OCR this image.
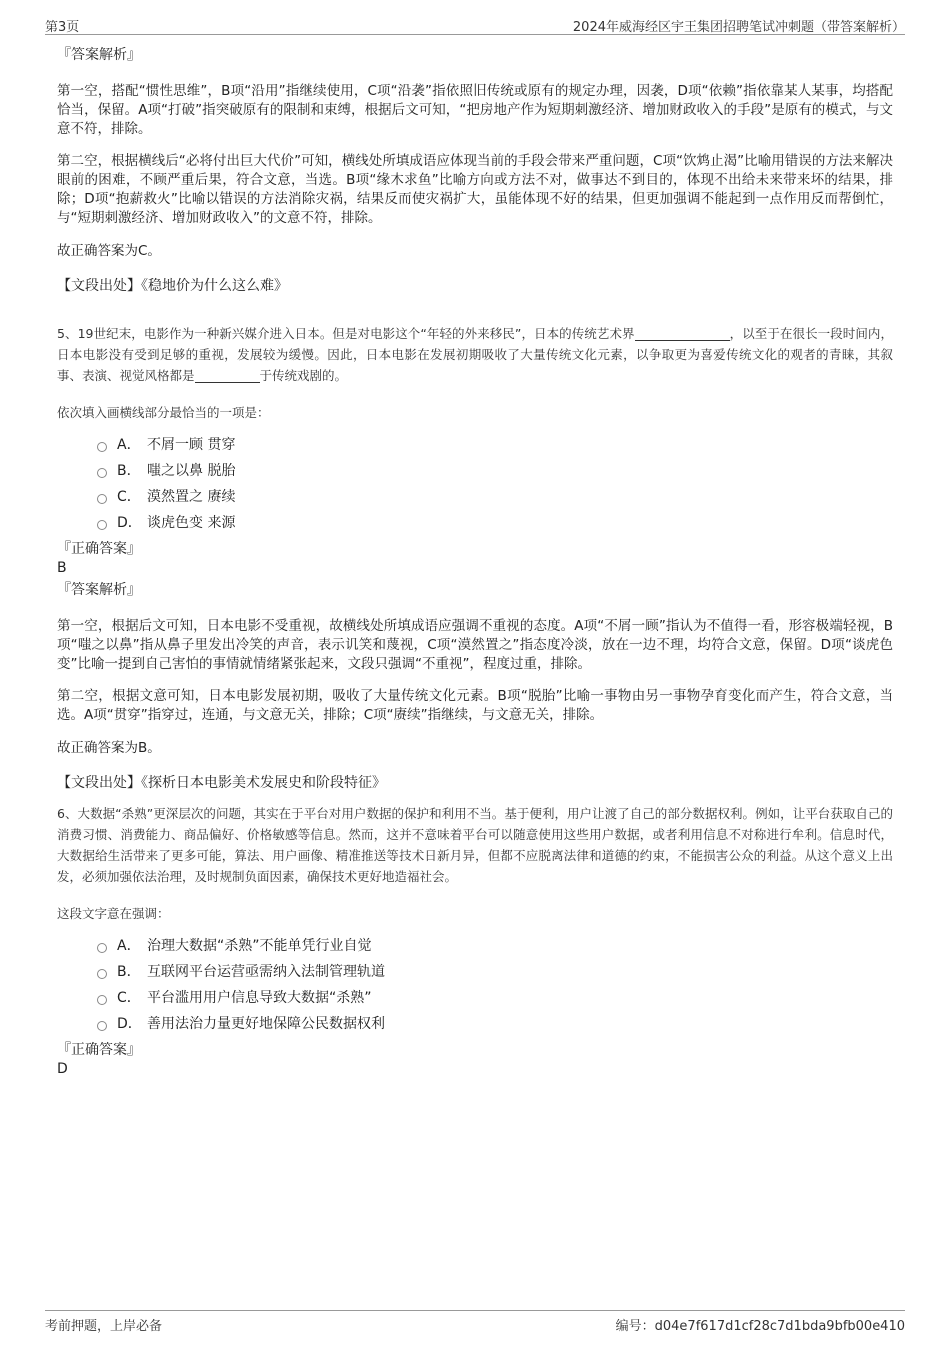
第3页	2024年威海经区宇王集团招聘笔试冲刺题（带答案解析）
『答案解析』

第一空，搭配“惯性思维”，B项“沿用”指继续使用，C项“沿袭”指依照旧传统或原有的规定办理，因袭，D项“依赖”指依靠某人某事，均搭配恰当，保留。A项“打破”指突破原有的限制和束缚，根据后文可知，“把房地产作为短期刺激经济、增加财政收入的手段”是原有的模式，与文意不符，排除。

第二空，根据横线后“必将付出巨大代价”可知，横线处所填成语应体现当前的手段会带来严重问题，C项“饮鸩止渴”比喻用错误的方法来解决眼前的困难，不顾严重后果，符合文意，当选。B项“缘木求鱼”比喻方向或方法不对，做事达不到目的，体现不出给未来带来坏的结果，排除；D项“抱薪救火”比喻以错误的方法消除灾祸，结果反而使灾祸扩大，虽能体现不好的结果，但更加强调不能起到一点作用反而帮倒忙，与“短期刺激经济、增加财政收入”的文意不符，排除。

故正确答案为C。

【文段出处】《稳地价为什么这么难》

5、19世纪末，电影作为一种新兴媒介进入日本。但是对电影这个“年轻的外来移民”，日本的传统艺术界	，以至于在很长一段时间内，日本电影没有受到足够的重视，发展较为缓慢。因此，日本电影在发展初期吸收了大量传统文化元素，以争取更为喜爱传统文化的观者的青睐，其叙事、表演、视觉风格都是	于传统戏剧的。

依次填入画横线部分最恰当的一项是：
A． 不屑一顾 贯穿
B． 嗤之以鼻 脱胎
C． 漠然置之 赓续
D． 谈虎色变 来源
『正确答案』
B
『答案解析』

第一空，根据后文可知，日本电影不受重视，故横线处所填成语应强调不重视的态度。A项“不屑一顾”指认为不值得一看，形容极端轻视，B项“嗤之以鼻”指从鼻子里发出冷笑的声音，表示讥笑和蔑视，C项“漠然置之”指态度冷淡，放在一边不理，均符合文意，保留。D项“谈虎色变”比喻一提到自己害怕的事情就情绪紧张起来，文段只强调“不重视”，程度过重，排除。

第二空，根据文意可知，日本电影发展初期，吸收了大量传统文化元素。B项“脱胎”比喻一事物由另一事物孕育变化而产生，符合文意，当选。A项“贯穿”指穿过，连通，与文意无关，排除；C项“赓续”指继续，与文意无关，排除。

故正确答案为B。

【文段出处】《探析日本电影美术发展史和阶段特征》

6、大数据“杀熟”更深层次的问题，其实在于平台对用户数据的保护和利用不当。基于便利，用户让渡了自己的部分数据权利。例如，让平台获取自己的消费习惯、消费能力、商品偏好、价格敏感等信息。然而，这并不意味着平台可以随意使用这些用户数据，或者利用信息不对称进行牟利。信息时代，大数据给生活带来了更多可能，算法、用户画像、精准推送等技术日新月异，但都不应脱离法律和道德的约束，不能损害公众的利益。从这个意义上出发，必须加强依法治理，及时规制负面因素，确保技术更好地造福社会。

这段文字意在强调：
A． 治理大数据“杀熟”不能单凭行业自觉
B． 互联网平台运营亟需纳入法制管理轨道
C． 平台滥用用户信息导致大数据“杀熟”
D． 善用法治力量更好地保障公民数据权利
『正确答案』
D
考前押题，上岸必备	编号：d04e7f617d1cf28c7d1bda9bfb00e410
